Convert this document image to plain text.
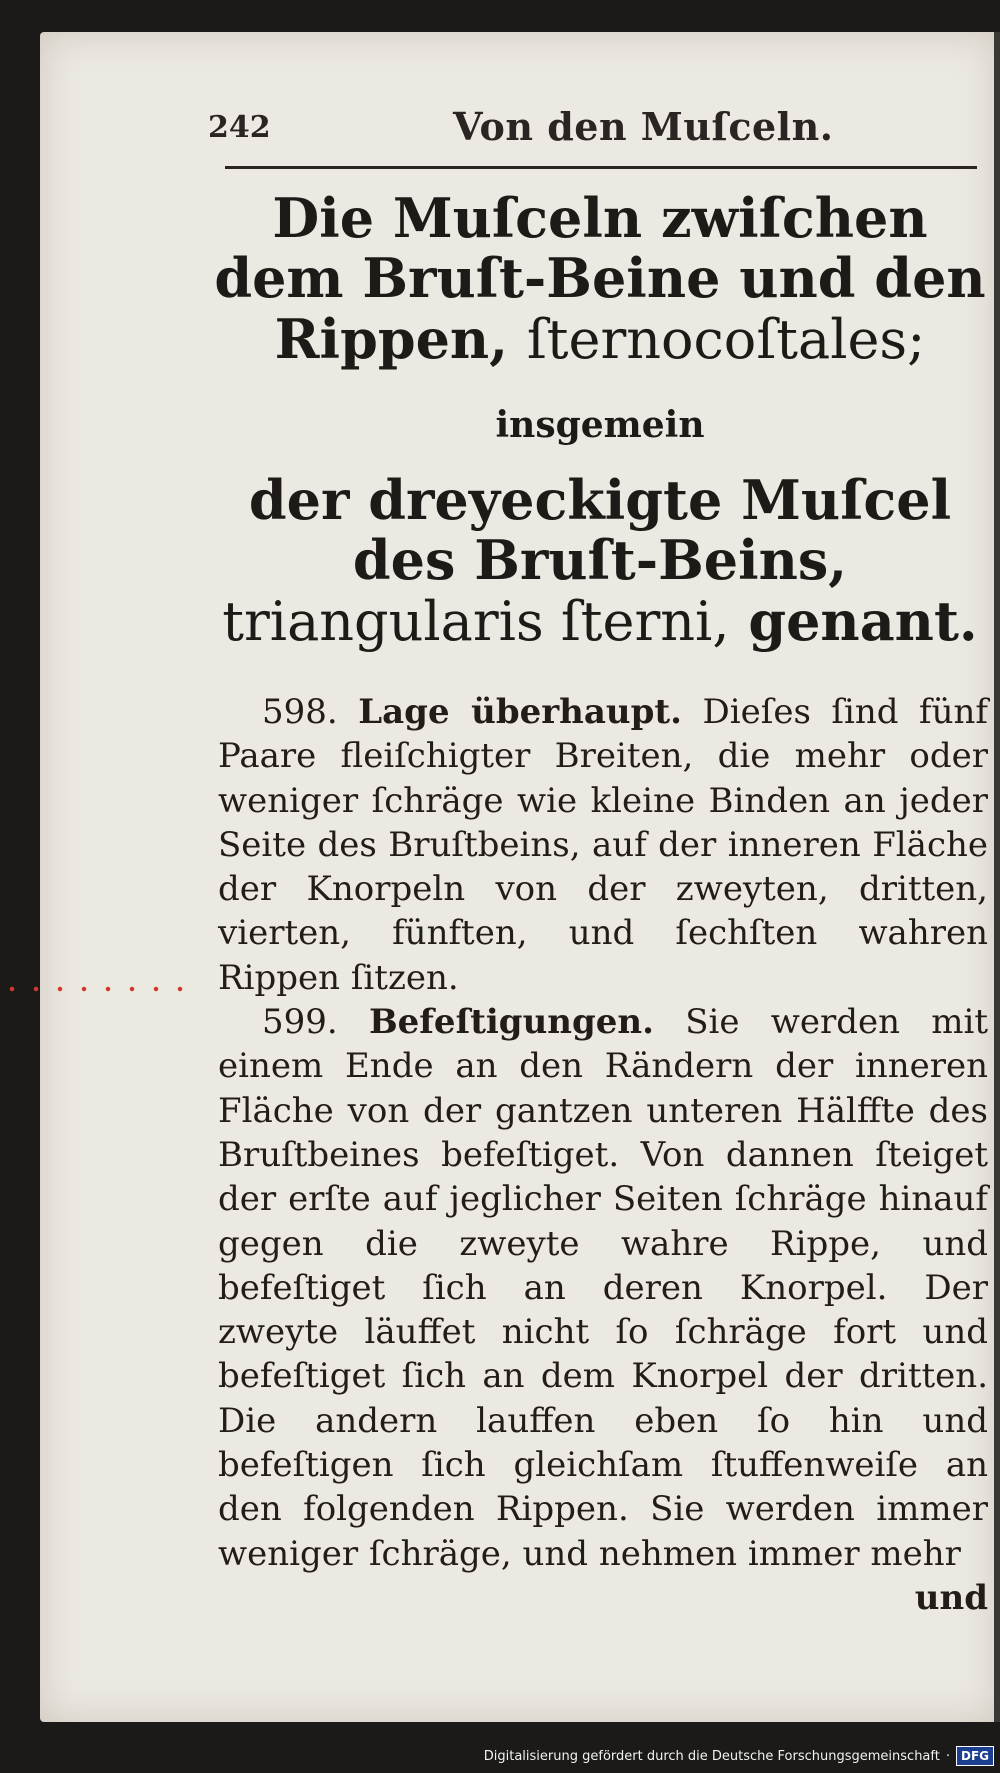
242	Von den Muſceln.
Die Muſceln zwiſchen dem Bruſt-Beine und den Rippen, ſternocoſtales;
insgemein
der dreyeckigte Muſcel des Bruſt-Beins, triangularis ſterni, genant.

598. Lage überhaupt. Dieſes ſind fünf Paare fleiſchigter Breiten, die mehr oder weniger ſchräge wie kleine Binden an jeder Seite des Bruſtbeins, auf der inneren Fläche der Knorpeln von der zweyten, dritten, vierten, fünften, und ſechſten wahren Rippen ſitzen.

599. Befeſtigungen. Sie werden mit einem Ende an den Rändern der inneren Fläche von der gantzen unteren Hälffte des Bruſtbeines befeſtiget. Von dannen ſteiget der erſte auf jeglicher Seiten ſchräge hinauf gegen die zweyte wahre Rippe, und befeſtiget ſich an deren Knorpel. Der zweyte läuffet nicht ſo ſchräge fort und befeſtiget ſich an dem Knorpel der dritten. Die andern lauffen eben ſo hin und befeſtigen ſich gleichſam ſtuffenweiſe an den folgenden Rippen. Sie werden immer weniger ſchräge, und nehmen immer mehr

und

Digitalisierung gefördert durch die Deutsche Forschungsgemeinschaft · DFG
